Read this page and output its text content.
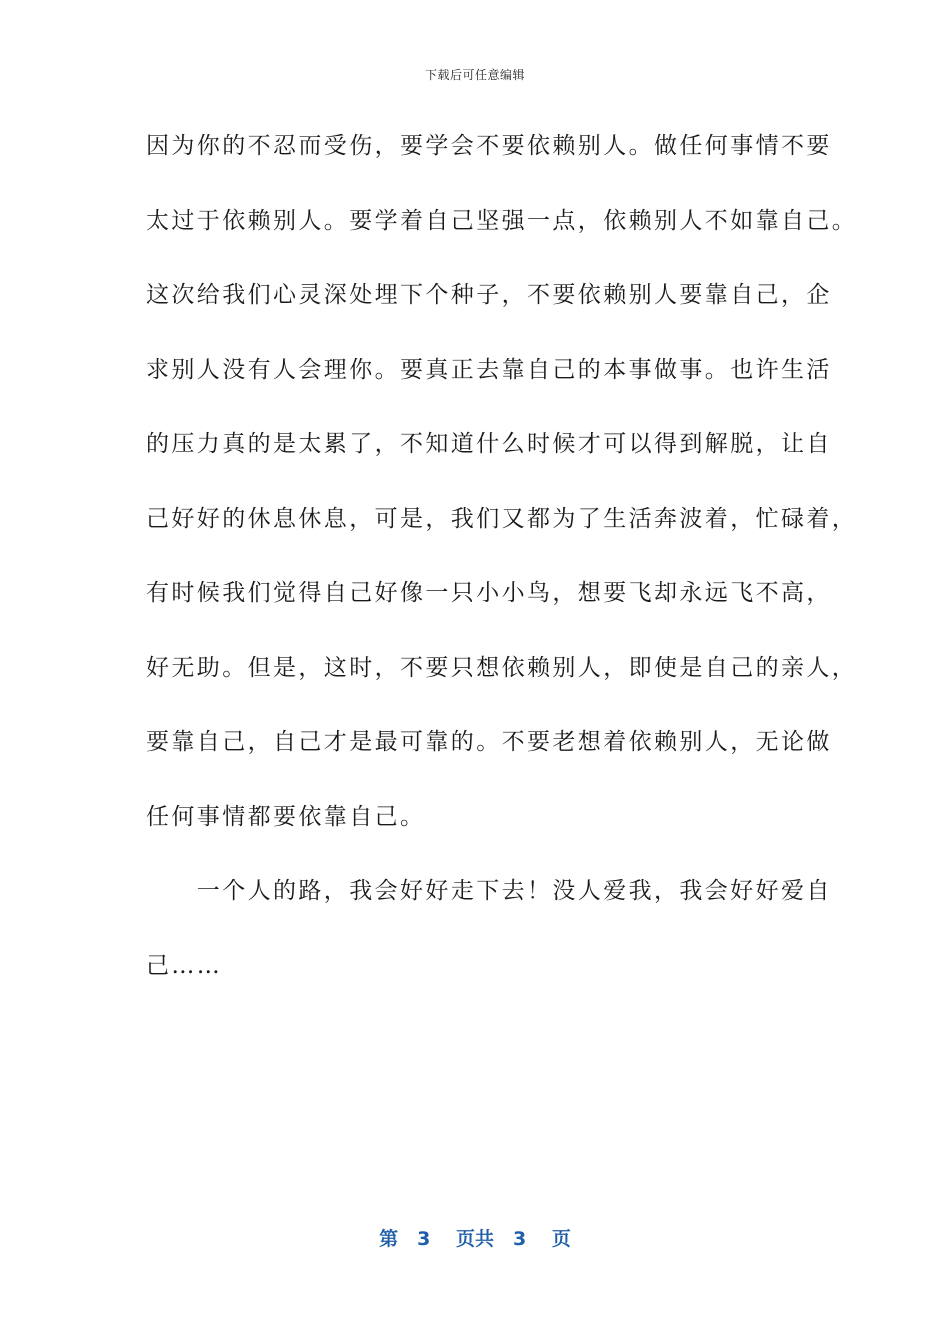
下载后可任意编辑
因为你的不忍而受伤，要学会不要依赖别人。做任何事情不要
太过于依赖别人。要学着自己坚强一点，依赖别人不如靠自己。
这次给我们心灵深处埋下个种子，不要依赖别人要靠自己，企
求别人没有人会理你。要真正去靠自己的本事做事。也许生活
的压力真的是太累了，不知道什么时候才可以得到解脱，让自
己好好的休息休息，可是，我们又都为了生活奔波着，忙碌着，
有时候我们觉得自己好像一只小小鸟，想要飞却永远飞不高，
好无助。但是，这时，不要只想依赖别人，即使是自己的亲人，
要靠自己，自己才是最可靠的。不要老想着依赖别人，无论做
任何事情都要依靠自己。
　　一个人的路，我会好好走下去！没人爱我，我会好好爱自
己……
第　3　 页共　3　 页
